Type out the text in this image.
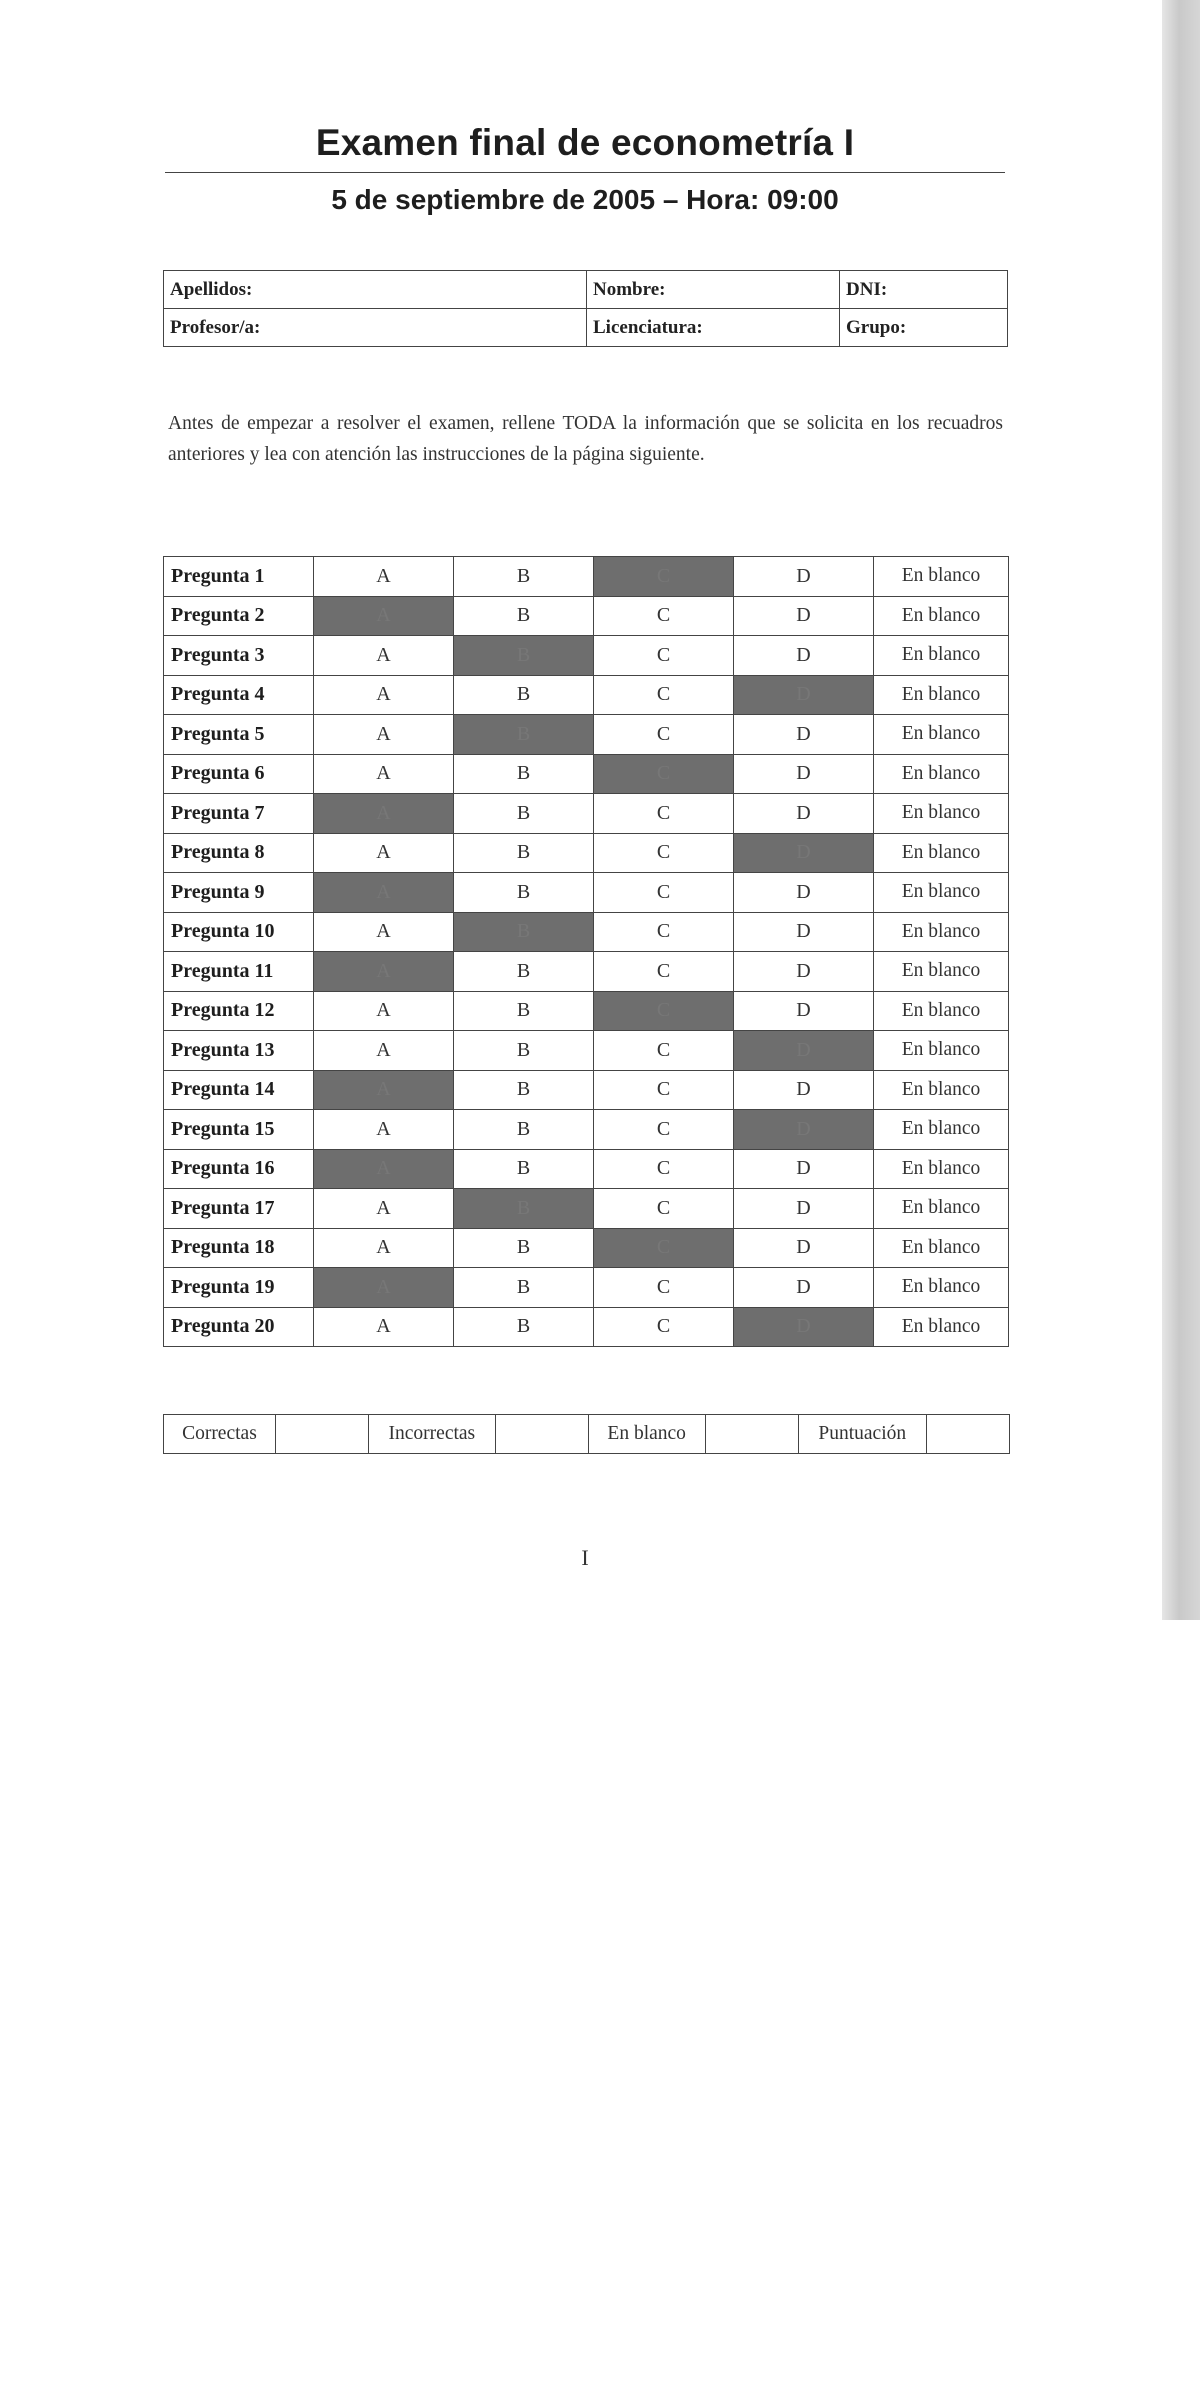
Examen final de econometría I
5 de septiembre de 2005 – Hora: 09:00
Apellidos:	Nombre:	DNI:
Profesor/a:	Licenciatura:	Grupo:
Antes de empezar a resolver el examen, rellene TODA la información que se solicita en los recuadros anteriores y lea con atención las instrucciones de la página siguiente.
Pregunta 1	A	B	C	D	En blanco
Pregunta 2	A	B	C	D	En blanco
Pregunta 3	A	B	C	D	En blanco
Pregunta 4	A	B	C	D	En blanco
Pregunta 5	A	B	C	D	En blanco
Pregunta 6	A	B	C	D	En blanco
Pregunta 7	A	B	C	D	En blanco
Pregunta 8	A	B	C	D	En blanco
Pregunta 9	A	B	C	D	En blanco
Pregunta 10	A	B	C	D	En blanco
Pregunta 11	A	B	C	D	En blanco
Pregunta 12	A	B	C	D	En blanco
Pregunta 13	A	B	C	D	En blanco
Pregunta 14	A	B	C	D	En blanco
Pregunta 15	A	B	C	D	En blanco
Pregunta 16	A	B	C	D	En blanco
Pregunta 17	A	B	C	D	En blanco
Pregunta 18	A	B	C	D	En blanco
Pregunta 19	A	B	C	D	En blanco
Pregunta 20	A	B	C	D	En blanco
Correctas		Incorrectas		En blanco		Puntuación	
I
